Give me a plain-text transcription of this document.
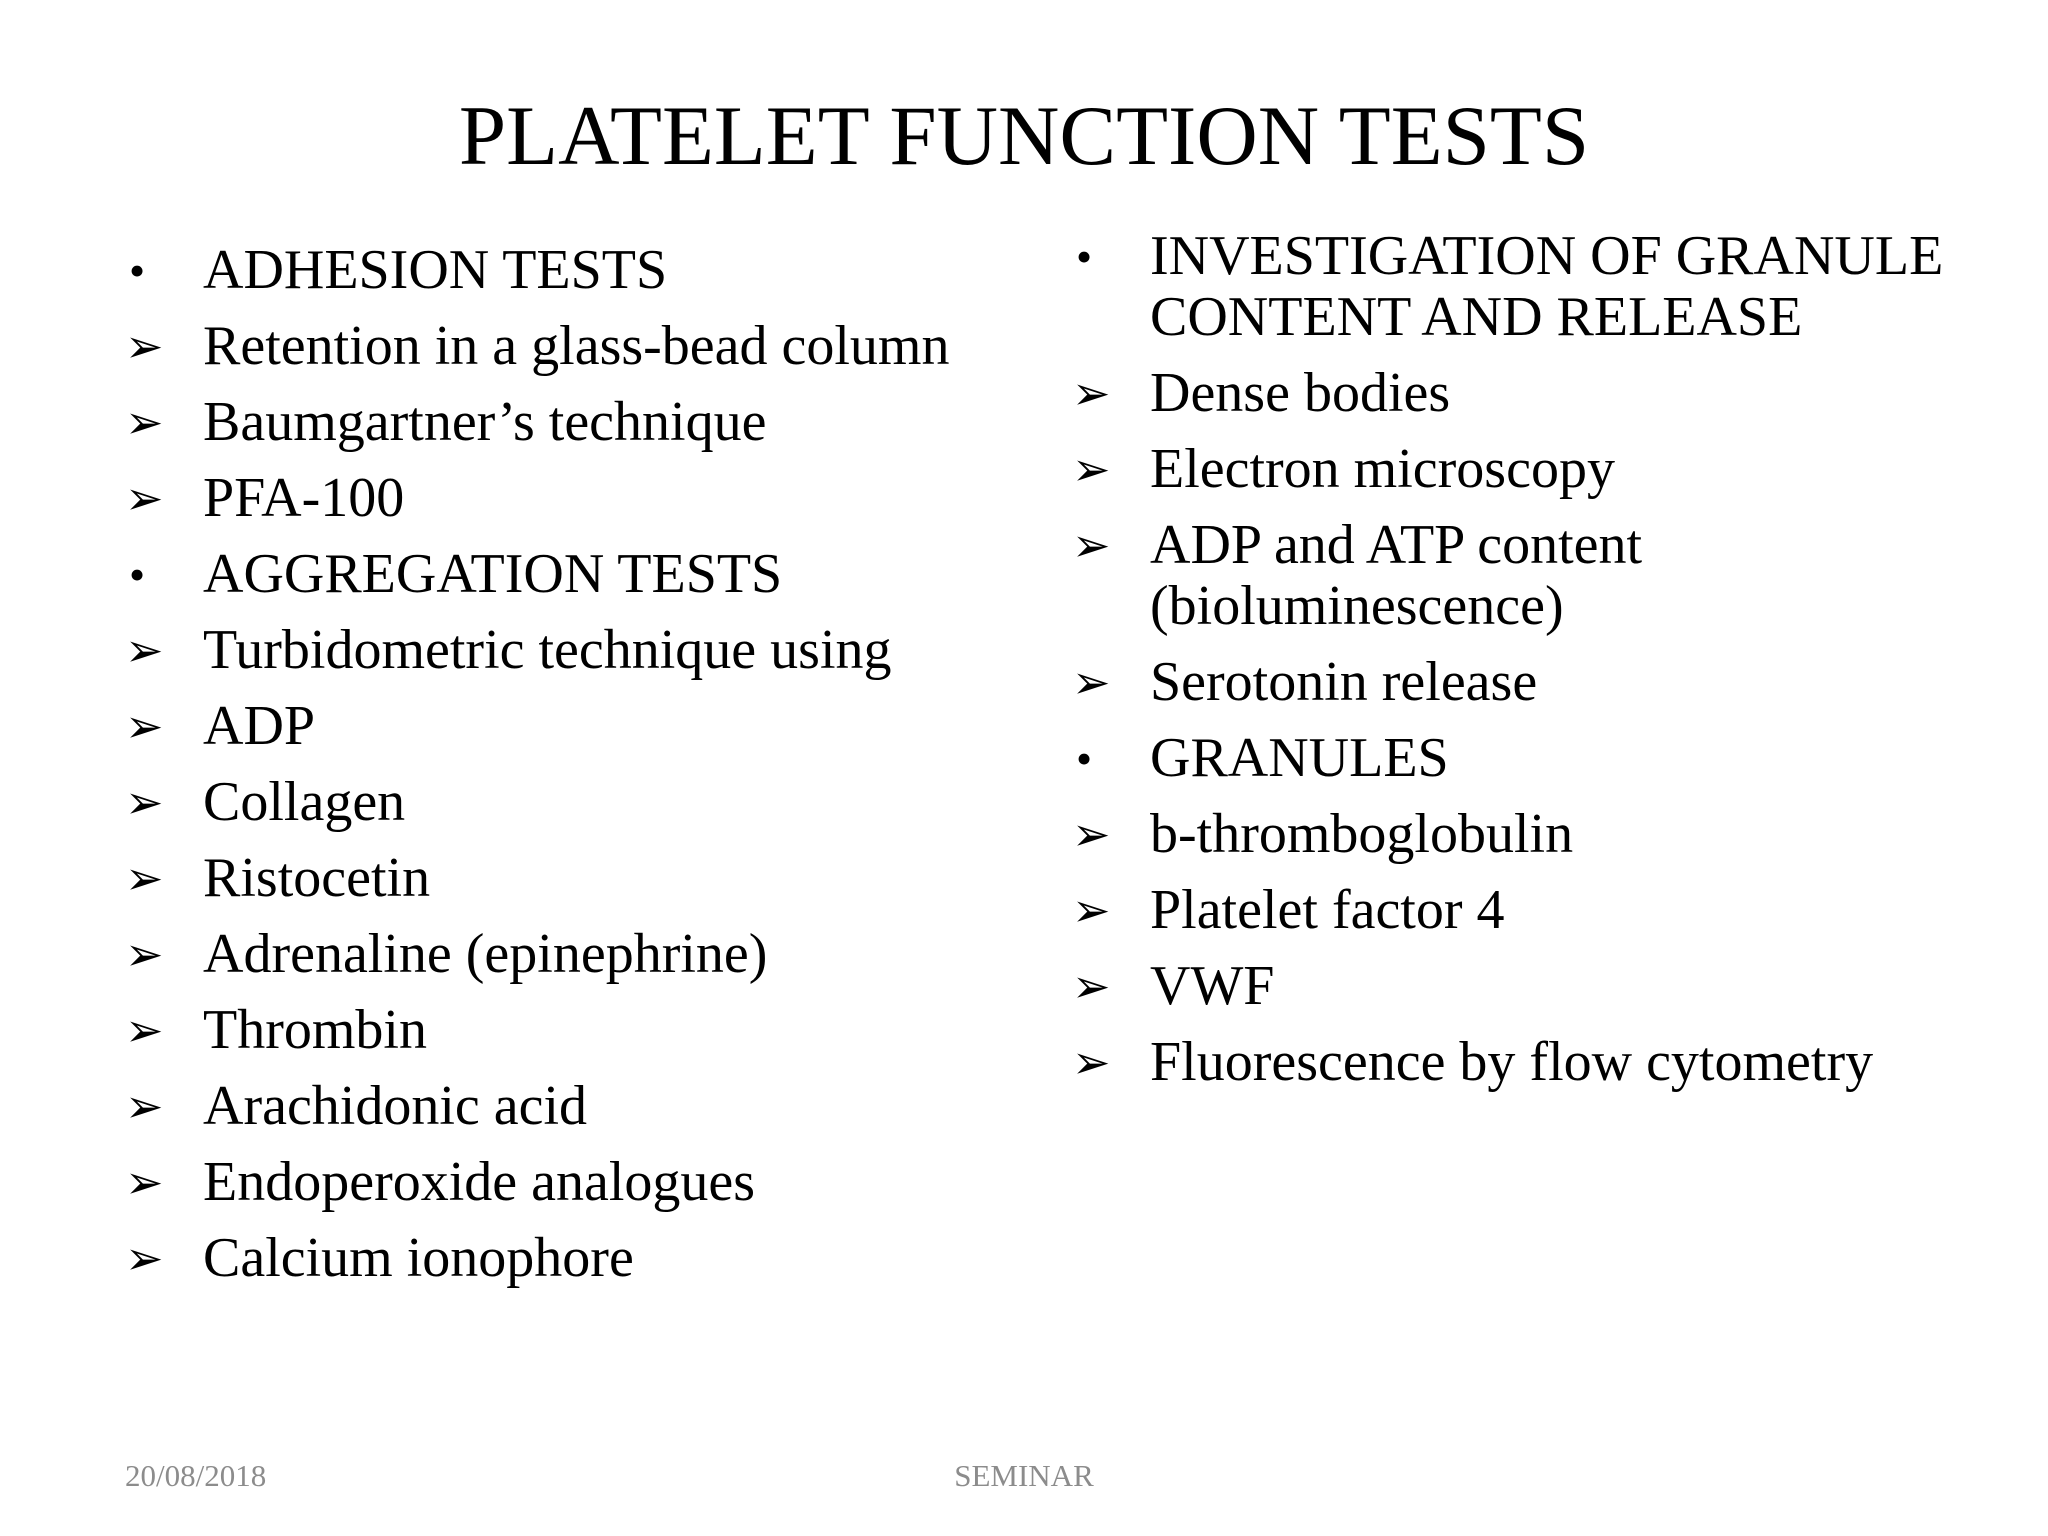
PLATELET FUNCTION TESTS
•	ADHESION TESTS
➢ Retention in a glass-bead column
➢ Baumgartner’s technique
➢ PFA-100
•	AGGREGATION TESTS
➢ Turbidometric technique using
➢ ADP
➢ Collagen
➢ Ristocetin
➢ Adrenaline (epinephrine)
➢ Thrombin
➢ Arachidonic acid
➢ Endoperoxide analogues
➢ Calcium ionophore
•	INVESTIGATION OF GRANULE CONTENT AND RELEASE
➢ Dense bodies
➢ Electron microscopy
➢ ADP and ATP content (bioluminescence)
➢ Serotonin release
•	GRANULES
➢ b-thromboglobulin
➢ Platelet factor 4
➢ VWF
➢ Fluorescence by flow cytometry
20/08/2018	SEMINAR
